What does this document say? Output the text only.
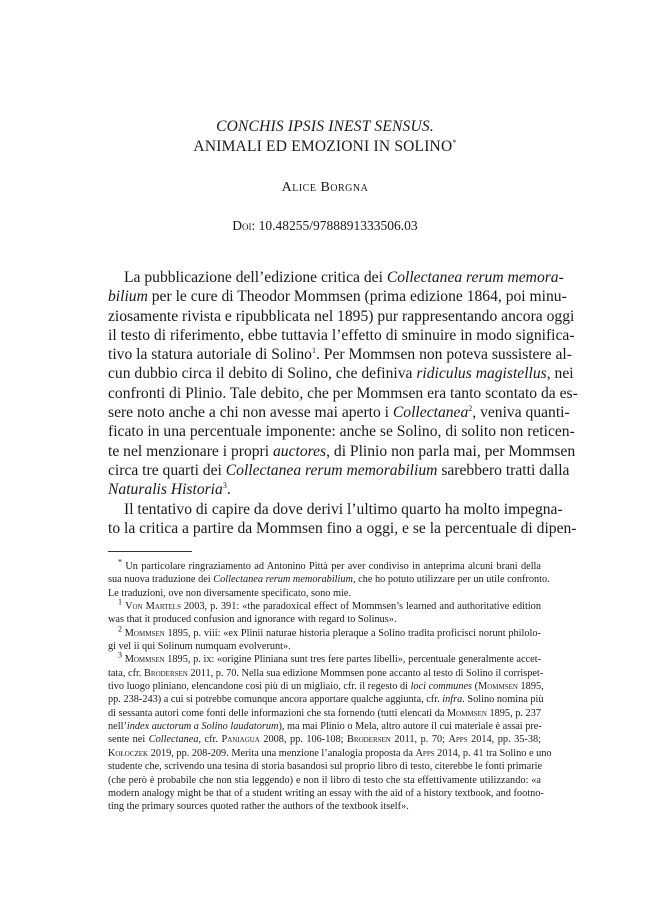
CONCHIS IPSIS INEST SENSUS.
ANIMALI ED EMOZIONI IN SOLINO*
Alice Borgna
Doi: 10.48255/9788891333506.03
La pubblicazione dell’edizione critica dei Collectanea rerum memora-
bilium per le cure di Theodor Mommsen (prima edizione 1864, poi minu-
ziosamente rivista e ripubblicata nel 1895) pur rappresentando ancora oggi
il testo di riferimento, ebbe tuttavia l’effetto di sminuire in modo significa-
tivo la statura autoriale di Solino$^1$. Per Mommsen non poteva sussistere al-
cun dubbio circa il debito di Solino, che definiva ridiculus magistellus, nei
confronti di Plinio. Tale debito, che per Mommsen era tanto scontato da es-
sere noto anche a chi non avesse mai aperto i Collectanea$^2$, veniva quanti-
ficato in una percentuale imponente: anche se Solino, di solito non reticen-
te nel menzionare i propri auctores, di Plinio non parla mai, per Mommsen
circa tre quarti dei Collectanea rerum memorabilium sarebbero tratti dalla
Naturalis Historia$^3$.
Il tentativo di capire da dove derivi l’ultimo quarto ha molto impegna-
to la critica a partire da Mommsen fino a oggi, e se la percentuale di dipen-
* Un particolare ringraziamento ad Antonino Pittà per aver condiviso in anteprima alcuni brani della
sua nuova traduzione dei Collectanea rerum memorabilium, che ho potuto utilizzare per un utile confronto.
Le traduzioni, ove non diversamente specificato, sono mie.
$^1$ Von Martels 2003, p. 391: «the paradoxical effect of Mommsen’s learned and authoritative edition
was that it produced confusion and ignorance with regard to Solinus».
$^2$ Mommsen 1895, p. viii: «ex Plinii naturae historia pleraque a Solino tradita proficisci norunt philolo-
gi vel ii qui Solinum numquam evolverunt».
$^3$ Mommsen 1895, p. ix: «origine Pliniana sunt tres fere partes libelli», percentuale generalmente accet-
tata, cfr. Brodersen 2011, p. 70. Nella sua edizione Mommsen pone accanto al testo di Solino il corrispet-
tivo luogo pliniano, elencandone così più di un migliaio, cfr. il regesto di loci communes (Mommsen 1895,
pp. 238-243) a cui si potrebbe comunque ancora apportare qualche aggiunta, cfr. infra. Solino nomina più
di sessanta autori come fonti delle informazioni che sta fornendo (tutti elencati da Mommsen 1895, p. 237
nell’index auctorum a Solino laudatorum), ma mai Plinio o Mela, altro autore il cui materiale è assai pre-
sente nei Collectanea, cfr. Paniagua 2008, pp. 106-108; Brodersen 2011, p. 70; Apps 2014, pp. 35-38;
Kołoczek 2019, pp. 208-209. Merita una menzione l’analogia proposta da Apps 2014, p. 41 tra Solino e uno
studente che, scrivendo una tesina di storia basandosi sul proprio libro di testo, citerebbe le fonti primarie
(che però è probabile che non stia leggendo) e non il libro di testo che sta effettivamente utilizzando: «a
modern analogy might be that of a student writing an essay with the aid of a history textbook, and footno-
ting the primary sources quoted rather the authors of the textbook itself».
